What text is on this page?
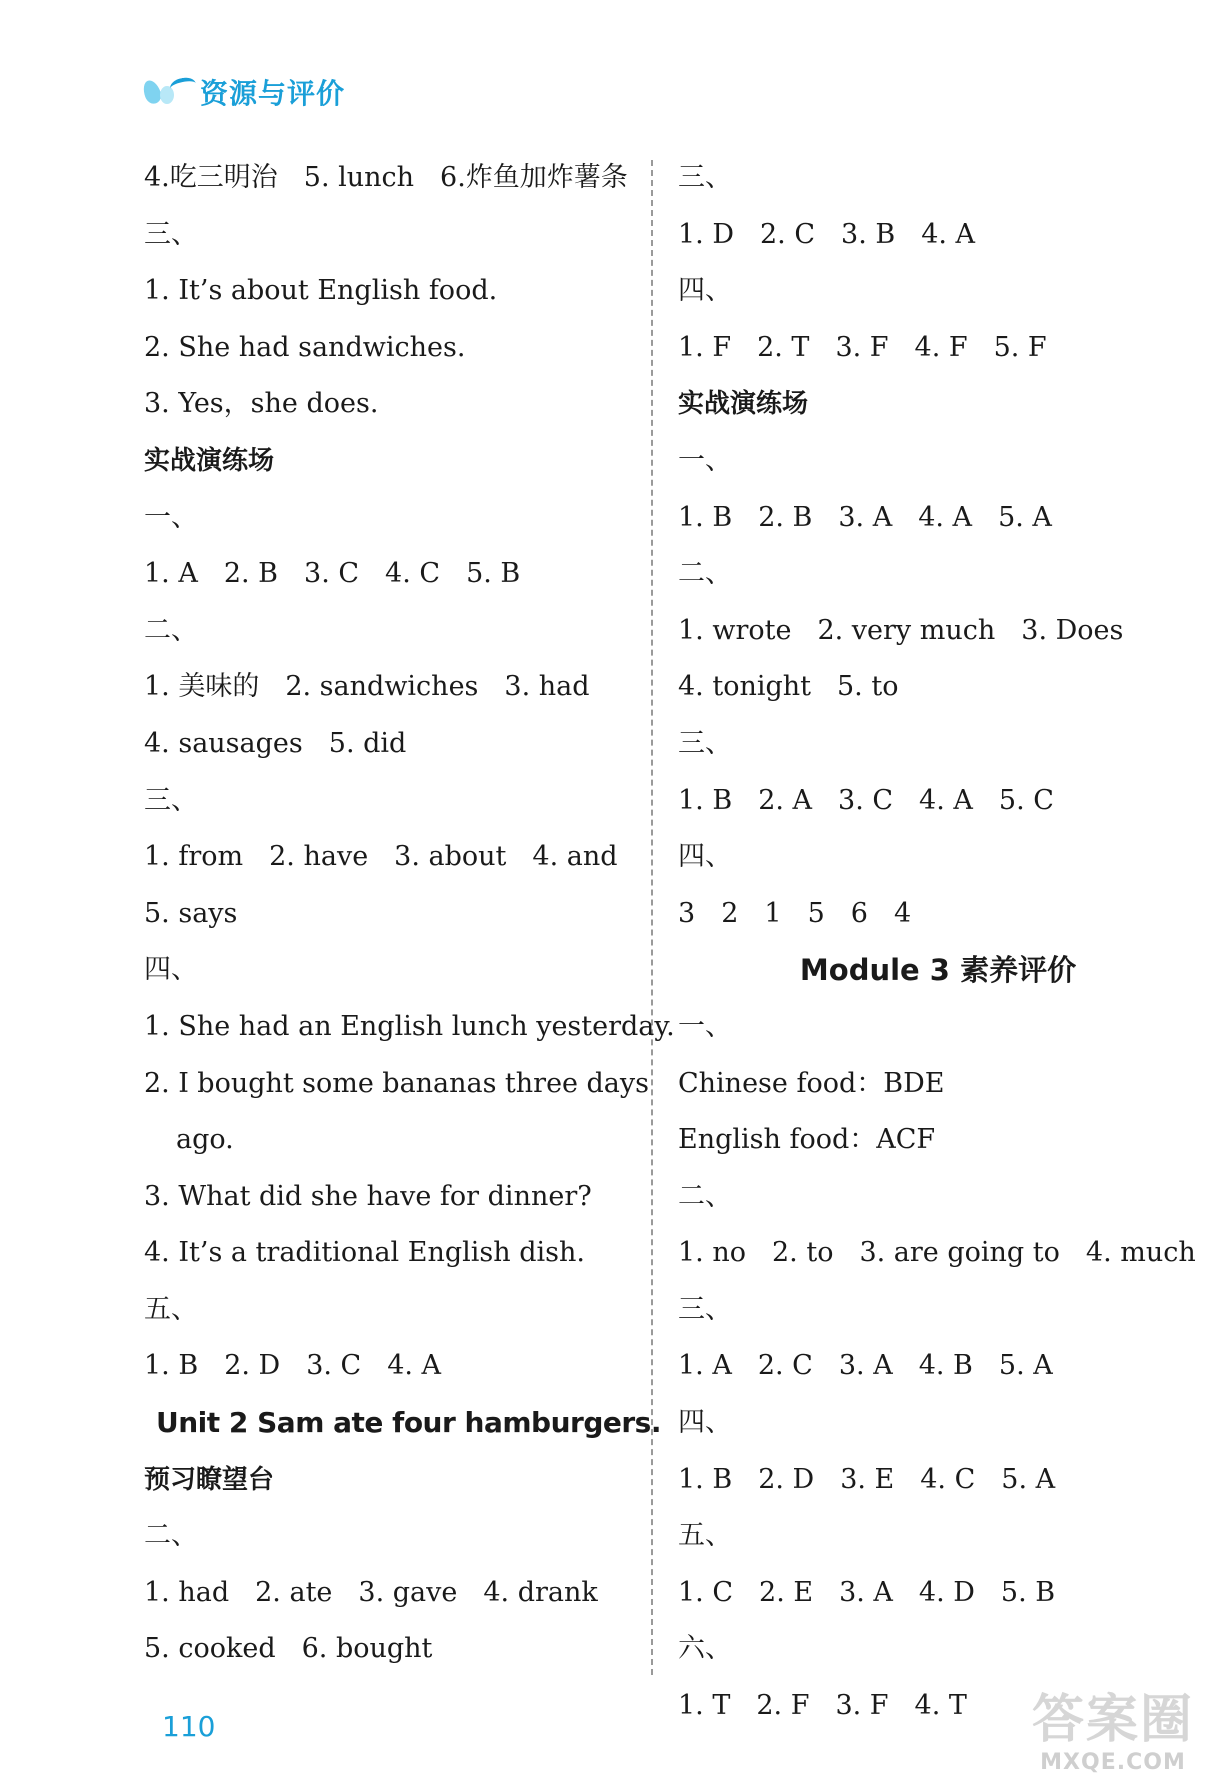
资源与评价
4.吃三明治 5. lunch 6.炸鱼加炸薯条
三、
1. It’s about English food.
2. She had sandwiches.
3. Yes，she does.
实战演练场
一、
1. A 2. B 3. C 4. C 5. B
二、
1. 美味的 2. sandwiches 3. had
4. sausages 5. did
三、
1. from 2. have 3. about 4. and
5. says
四、
1. She had an English lunch yesterday.
2. I bought some bananas three days
ago.
3. What did she have for dinner?
4. It’s a traditional English dish.
五、
1. B 2. D 3. C 4. A
Unit 2 Sam ate four hamburgers.
预习瞭望台
二、
1. had 2. ate 3. gave 4. drank
5. cooked 6. bought
三、
1. D 2. C 3. B 4. A
四、
1. F 2. T 3. F 4. F 5. F
实战演练场
一、
1. B 2. B 3. A 4. A 5. A
二、
1. wrote 2. very much 3. Does
4. tonight 5. to
三、
1. B 2. A 3. C 4. A 5. C
四、
3 2 1 5 6 4
Module 3 素养评价
一、
Chinese food：BDE
English food：ACF
二、
1. no 2. to 3. are going to 4. much
三、
1. A 2. C 3. A 4. B 5. A
四、
1. B 2. D 3. E 4. C 5. A
五、
1. C 2. E 3. A 4. D 5. B
六、
1. T 2. F 3. F 4. T
110	答案圈
MXQE.COM
